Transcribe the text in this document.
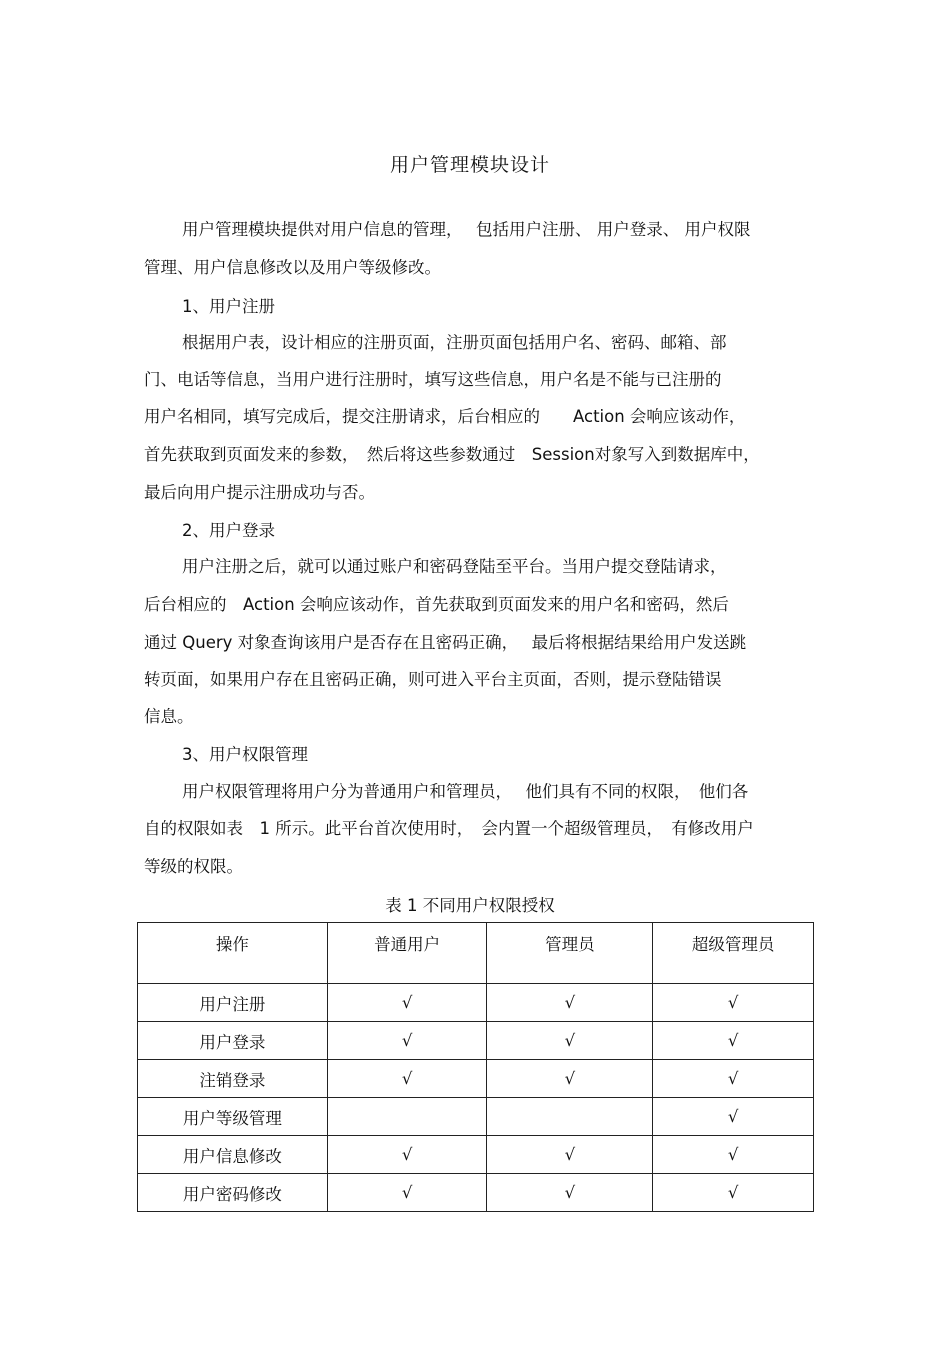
用户管理模块设计
用户管理模块提供对用户信息的管理，　 包括用户注册、 用户登录、 用户权限
管理、用户信息修改以及用户等级修改。
1、用户注册
根据用户表，设计相应的注册页面，注册页面包括用户名、密码、邮箱、部
门、电话等信息，当用户进行注册时，填写这些信息，用户名是不能与已注册的
用户名相同，填写完成后，提交注册请求，后台相应的　　Action 会响应该动作，
首先获取到页面发来的参数，　然后将这些参数通过　Session对象写入到数据库中，
最后向用户提示注册成功与否。
2、用户登录
用户注册之后，就可以通过账户和密码登陆至平台。当用户提交登陆请求，
后台相应的　Action 会响应该动作，首先获取到页面发来的用户名和密码，然后
通过 Query 对象查询该用户是否存在且密码正确，　 最后将根据结果给用户发送跳
转页面，如果用户存在且密码正确，则可进入平台主页面，否则，提示登陆错误
信息。
3、用户权限管理
用户权限管理将用户分为普通用户和管理员，　 他们具有不同的权限，　他们各
自的权限如表　1 所示。此平台首次使用时，　会内置一个超级管理员，　有修改用户
等级的权限。
表 1 不同用户权限授权
操作	普通用户	管理员	超级管理员
用户注册	√	√	√
用户登录	√	√	√
注销登录	√	√	√
用户等级管理			√
用户信息修改	√	√	√
用户密码修改	√	√	√
